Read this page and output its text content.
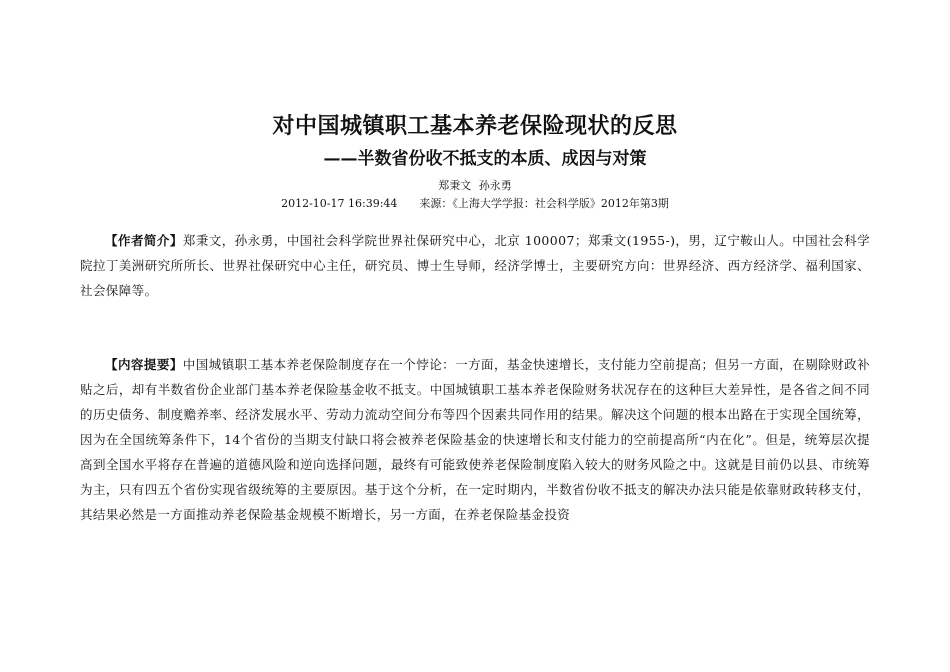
对中国城镇职工基本养老保险现状的反思
——半数省份收不抵支的本质、成因与对策
郑秉文 孙永勇
2012-10-17 16:39:44 来源：《上海大学学报：社会科学版》2012年第3期

【作者简介】郑秉文，孙永勇，中国社会科学院世界社保研究中心，北京 100007；郑秉文(1955-)，男，辽宁鞍山人。中国社会科学院拉丁美洲研究所所长、世界社保研究中心主任，研究员、博士生导师，经济学博士，主要研究方向：世界经济、西方经济学、福利国家、社会保障等。

【内容提要】中国城镇职工基本养老保险制度存在一个悖论：一方面，基金快速增长，支付能力空前提高；但另一方面，在剔除财政补贴之后，却有半数省份企业部门基本养老保险基金收不抵支。中国城镇职工基本养老保险财务状况存在的这种巨大差异性，是各省之间不同的历史债务、制度赡养率、经济发展水平、劳动力流动空间分布等四个因素共同作用的结果。解决这个问题的根本出路在于实现全国统筹，因为在全国统筹条件下，14个省份的当期支付缺口将会被养老保险基金的快速增长和支付能力的空前提高所“内在化”。但是，统筹层次提高到全国水平将存在普遍的道德风险和逆向选择问题，最终有可能致使养老保险制度陷入较大的财务风险之中。这就是目前仍以县、市统筹为主，只有四五个省份实现省级统筹的主要原因。基于这个分析，在一定时期内，半数省份收不抵支的解决办法只能是依靠财政转移支付，其结果必然是一方面推动养老保险基金规模不断增长，另一方面，在养老保险基金投资
